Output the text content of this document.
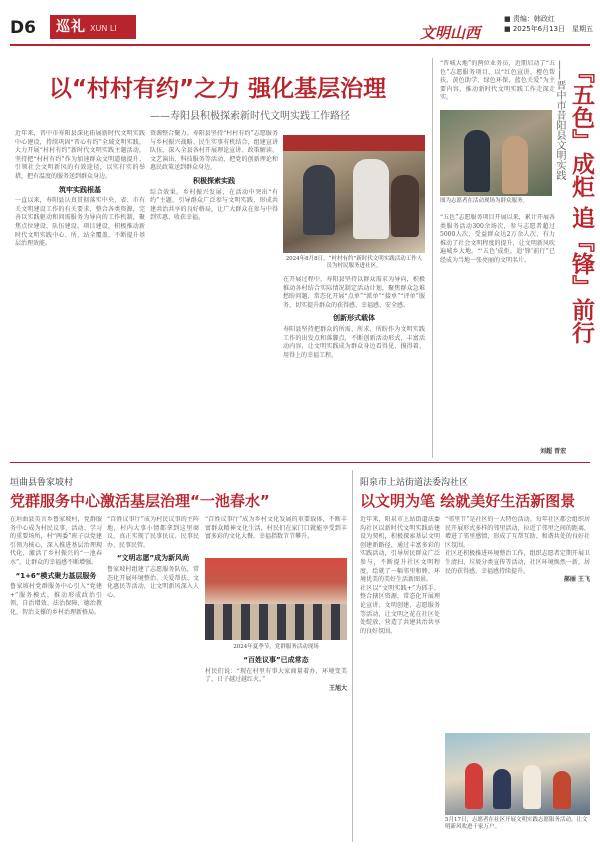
D6	巡礼 XUN LI	文明山西
■ 责编：韩政红
■ 2025年6月13日　星期五
以“村村有约”之力 强化基层治理
——寿阳县积极探索新时代文明实践工作路径

近年来，晋中市寿阳县深化拓展新时代文明实践中心建设，持续巩固“晋心有约”全域文明实践，大力开展“村村有约”新时代文明实践主题活动，坚持把“村村有约”作为加速群众文明道德提升、引领社会文明新风的有效途径，以实打实的举措，把有温度的服务送到群众身边。

筑牢实践根基

一直以来，寿阳县认真贯彻落实中央、省、市有关文明建设工作的有关要求，整合各类资源，完善以实践驱动和问需服务为导向的工作机制，聚焦点位建设、队伍建设、项目建设，积极推动新时代文明实践中心、所、站全覆盖，不断提升基层治理效能。

资源整合聚力。寿阳县坚持“村村有约”志愿服务与乡村振兴战略、民生实事有机结合，组建宣讲队伍，深入全县各村开展理论宣讲、政策解读、文艺演出、科技服务等活动，把党的创新理论和惠民政策送到群众身边。

积极探索实践

综合效果。乡村振兴发展，在活动中突出“有约”主题，引导群众广泛参与文明实践，形成共建共治共享的良好格局，让广大群众在参与中得到实惠、收获幸福。

2024年8月8日，“村村有约”新时代文明实践活动工作人员为村民服务进社区。

在开展过程中，寿阳县坚持以群众需求为导向，积极推动各村结合实际情况制定活动计划，聚焦群众急难愁盼问题，常态化开展“点单”“派单”“接单”“评单”服务，切实提升群众的获得感、幸福感、安全感。

创新形式载体

寿阳县坚持把群众的所需、所求、所盼作为文明实践工作的出发点和落脚点，不断创新活动形式，丰富活动内容，让文明实践成为群众身边看得见、摸得着、用得上的幸福工程。

“晋城大地”的两位业务员，近期启动了“五色”志愿服务项目，以“红色宣讲、橙色帮扶、黄色助学、绿色环保、蓝色关爱”为主要内容，推动新时代文明实践工作走深走实。

图为志愿者在活动现场为群众服务。

“五色”志愿服务项目开展以来，累计开展各类服务活动300余场次，参与志愿者超过5000人次，受益群众达2万余人次，有力推动了社会文明程度的提升，让文明新风吹遍城乡大地。“‘五色’成炬，追‘锋’前行”已经成为当地一张亮丽的文明名片。	『五色』成炬 追『锋』前行
——晋中市昔阳县文明实践
刘超 晋宏
垣曲县鲁家坡村
党群服务中心激活基层治理“一池春水”

在垣曲县英言乡鲁家坡村，党群服务中心成为村民议事、活动、学习的重要场所，村“两委”班子以党建引领为核心，深入推进基层治理现代化，激活了乡村振兴的“一池春水”，让群众的幸福感不断增强。

“1+6”模式聚力基层服务

鲁家坡村党群服务中心引入“党建+”服务模式，推动形成政治引领、自治增效、法治保障、德治教化、智治支撑的乡村治理新格局。

“百姓议事厅”成为村民议事的主阵地，村内大事小情都拿到这里商议，真正实现了民事民议、民事民办、民事民管。

“文明志愿”成为新风尚

鲁家坡村组建了志愿服务队伍，常态化开展环境整治、关爱帮扶、文化惠民等活动，让文明新风深入人心。

“百姓议事厅”成为乡村文化发展的重要载体，不断丰富群众精神文化生活，村民们在家门口就能享受到丰富多彩的文化大餐，幸福指数节节攀升。

2024年夏季节，党群服务活动现场
“百姓议事”已成常态

村民们说：“现在村里有事大家商量着办，环境变美了，日子越过越红火。”

王旭大

阳泉市上站街道法委沟社区
以文明为笔 绘就美好生活新图景

近年来，阳泉市上站街道法委沟社区以新时代文明实践站建设为契机，积极探索基层文明创建新路径，通过丰富多彩的实践活动，引导居民群众广泛参与，不断提升社区文明程度，绘就了一幅邻里和睦、环境优美的美好生活新图景。

社区以“文明实践+”为抓手，整合辖区资源，常态化开展理论宣讲、文明创建、志愿服务等活动，让文明之花在社区处处绽放，营造了共建共治共享的良好氛围。

“邻里节”是社区的一大特色活动。每年社区都会组织居民开展形式多样的邻里活动，拉近了邻里之间的距离，增进了邻里感情，形成了互帮互助、和谐共处的良好社区氛围。

社区还积极推进环境整治工作，组织志愿者定期开展卫生清扫、垃圾分类宣传等活动，社区环境焕然一新，居民的获得感、幸福感持续提升。

郝丽 王飞

5月17日，志愿者在社区开展文明实践志愿服务活动，让文明新风吹进千家万户。
